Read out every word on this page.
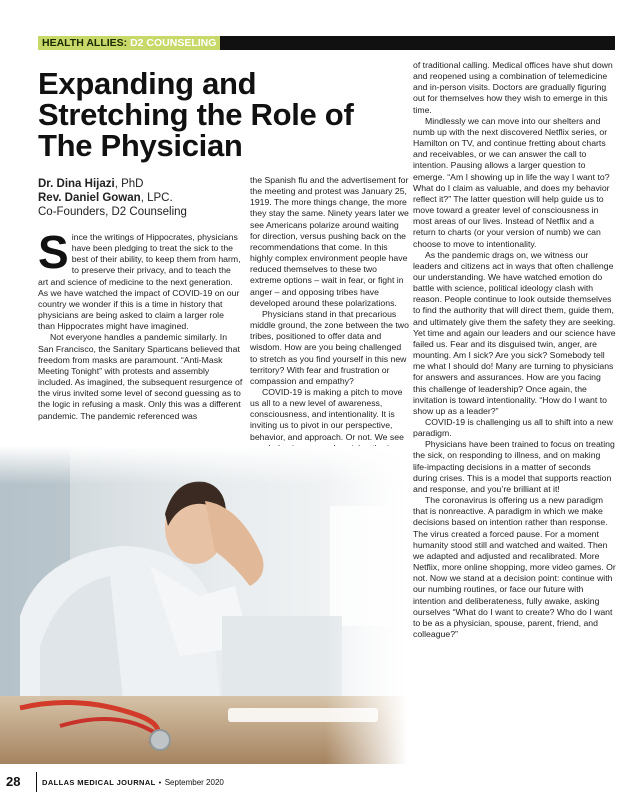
HEALTH ALLIES: D2 COUNSELING
Expanding and Stretching the Role of The Physician
Dr. Dina Hijazi, PhD
Rev. Daniel Gowan, LPC.
Co-Founders, D2 Counseling

Since the writings of Hippocrates, physicians have been pledging to treat the sick to the best of their ability, to keep them from harm, to preserve their privacy, and to teach the art and science of medicine to the next generation. As we have watched the impact of COVID-19 on our country we wonder if this is a time in history that physicians are being asked to claim a larger role than Hippocrates might have imagined.

Not everyone handles a pandemic similarly. In San Francisco, the Sanitary Sparticans believed that freedom from masks are paramount. “Anti-Mask Meeting Tonight” with protests and assembly included. As imagined, the subsequent resurgence of the virus invited some level of second guessing as to the logic in refusing a mask. Only this was a different pandemic. The pandemic referenced was

the Spanish flu and the advertisement for the meeting and protest was January 25, 1919. The more things change, the more they stay the same. Ninety years later we see Americans polarize around waiting for direction, versus pushing back on the recommendations that come. In this highly complex environment people have reduced themselves to these two extreme options – wait in fear, or fight in anger – and opposing tribes have developed around these polarizations.

Physicians stand in that precarious middle ground, the zone between the two tribes, positioned to offer data and wisdom. How are you being challenged to stretch as you find yourself in this new territory? With fear and frustration or compassion and empathy?

COVID-19 is making a pitch to move us all to a new level of awareness, consciousness, and intentionality. It is inviting us to pivot in our perspective, behavior, and approach. Or not. We see

of traditional calling. Medical offices have shut down and reopened using a combination of telemedicine and in-person visits. Doctors are gradually figuring out for themselves how they wish to emerge in this time.

Mindlessly we can move into our shelters and numb up with the next discovered Netflix series, or Hamilton on TV, and continue fretting about charts and receivables, or we can answer the call to intention. Pausing allows a larger question to emerge. “Am I showing up in life the way I want to? What do I claim as valuable, and does my behavior reflect it?” The latter question will help guide us to move toward a greater level of consciousness in most areas of our lives. Instead of Netflix and a return to charts (or your version of numb) we can choose to move to intentionality.

As the pandemic drags on, we witness our leaders and citizens act in ways that often challenge our understanding. We have watched emotion do battle with science, political ideology clash with reason. People continue to look outside themselves to find the authority that will direct them, guide them, and ultimately give them the safety they are seeking. Yet time and again our leaders and our science have failed us. Fear and its disguised twin, anger, are mounting. Am I sick? Are you sick? Somebody tell me what I should do! Many are turning to physicians for answers and assurances. How are you facing this challenge of leadership? Once again, the invitation is toward intentionality. “How do I want to show up as a leader?”

COVID-19 is challenging us all to shift into a new paradigm.

Physicians have been trained to focus on treating the sick, on responding to illness, and on making life-impacting decisions in a matter of seconds during crises. This is a model that supports reaction and response, and you’re brilliant at it!

The coronavirus is offering us a new paradigm that is nonreactive. A paradigm in which we make decisions based on intention rather than response. The virus created a forced pause. For a moment humanity stood still and watched and waited. Then we adapted and adjusted and recalibrated. More Netflix, more online shopping, more video games. Or not. Now we stand at a decision point: continue with our numbing routines, or face our future with intention and deliberateness, fully awake, asking ourselves “What do I want to create? Who do I want to be as a physician, spouse, parent, friend, and colleague?”

28	DALLAS MEDICAL JOURNAL • September 2020
